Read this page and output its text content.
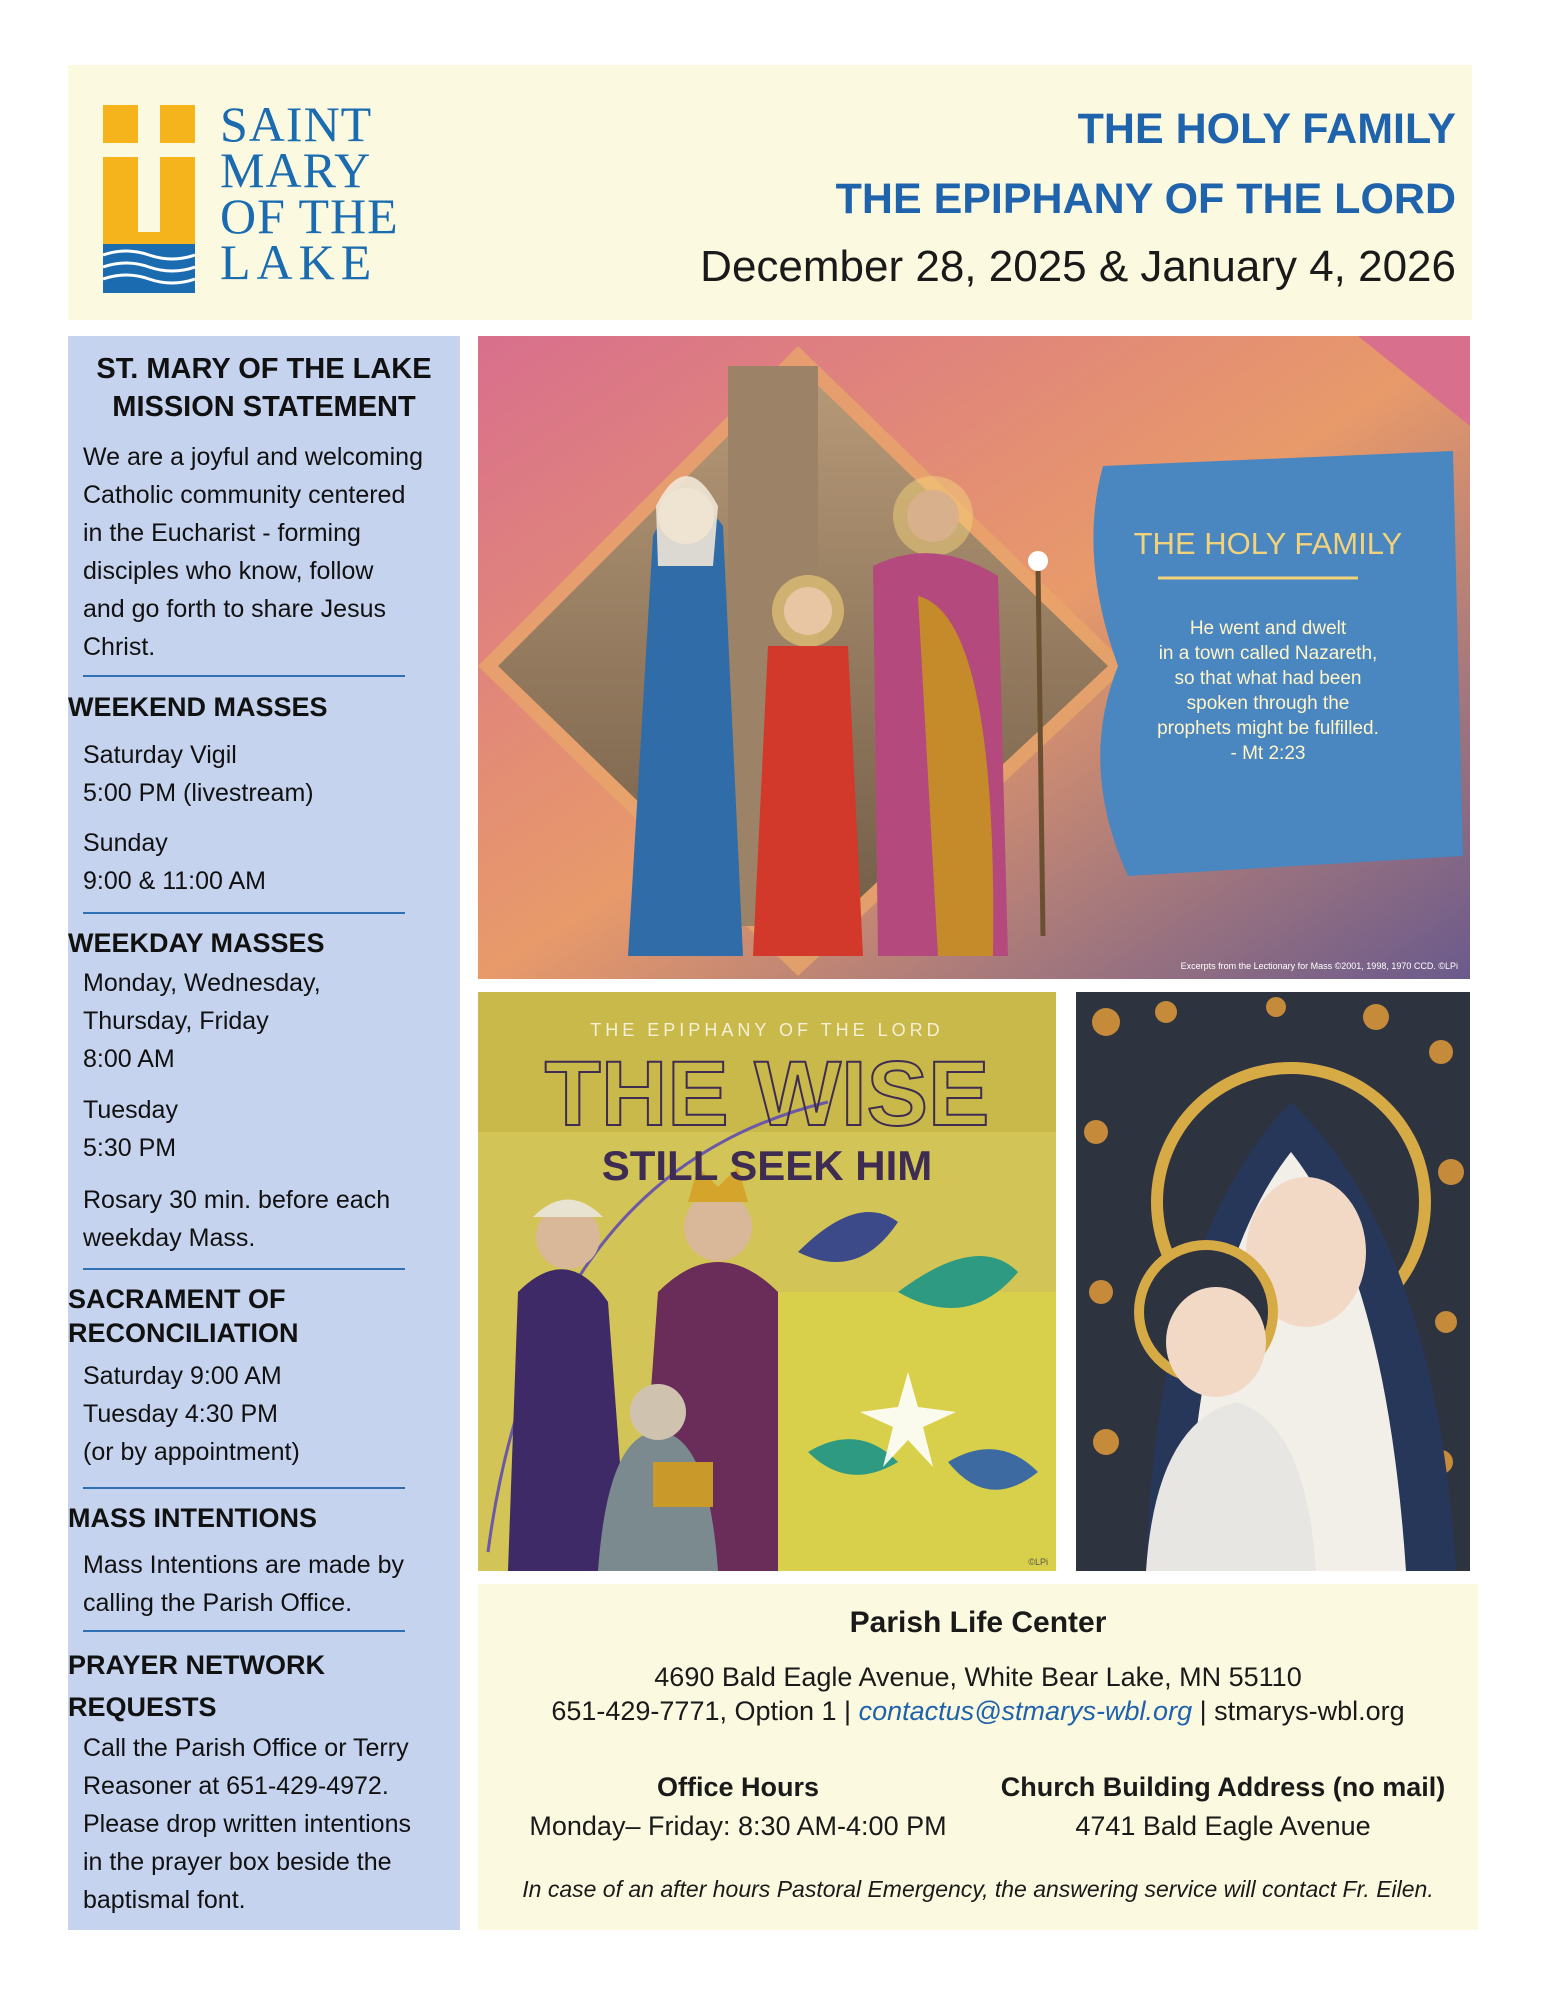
SAINT
MARY
OF THE
LAKE
THE HOLY FAMILY
THE EPIPHANY OF THE LORD
December 28, 2025 & January 4, 2026
ST. MARY OF THE LAKE
MISSION STATEMENT
We are a joyful and welcoming
Catholic community centered
in the Eucharist - forming
disciples who know, follow
and go forth to share Jesus
Christ.
WEEKEND MASSES
Saturday Vigil
5:00 PM (livestream)
Sunday
9:00 & 11:00 AM
WEEKDAY MASSES
Monday, Wednesday,
Thursday, Friday
8:00 AM
Tuesday
5:30 PM
Rosary 30 min. before each
weekday Mass.
SACRAMENT OF
RECONCILIATION
Saturday 9:00 AM
Tuesday 4:30 PM
(or by appointment)
MASS INTENTIONS
Mass Intentions are made by
calling the Parish Office.
PRAYER NETWORK
REQUESTS
Call the Parish Office or Terry
Reasoner at 651-429-4972.
Please drop written intentions
in the prayer box beside the
baptismal font.
THE HOLY FAMILY
He went and dwelt
in a town called Nazareth,
so that what had been
spoken through the
prophets might be fulfilled.
- Mt 2:23
Excerpts from the Lectionary for Mass ©2001, 1998, 1970 CCD. ©LPi
THE EPIPHANY OF THE LORD
THE WISE
STILL SEEK HIM
©LPi
Parish Life Center
4690 Bald Eagle Avenue, White Bear Lake, MN 55110
651-429-7771, Option 1 | contactus@stmarys-wbl.org | stmarys-wbl.org
Office Hours
Monday– Friday: 8:30 AM-4:00 PM
Church Building Address (no mail)
4741 Bald Eagle Avenue
In case of an after hours Pastoral Emergency, the answering service will contact Fr. Eilen.
